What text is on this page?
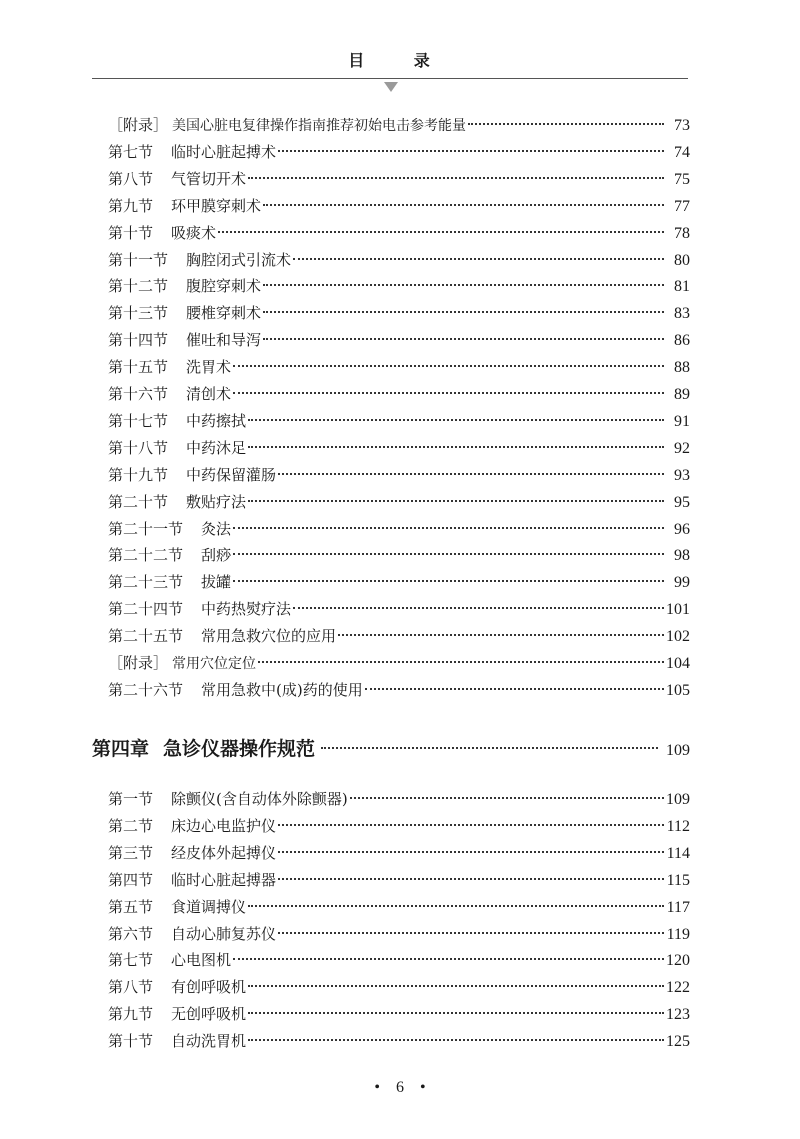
目 录
［附录］ 美国心脏电复律操作指南推荐初始电击参考能量	73
第七节 临时心脏起搏术	74
第八节 气管切开术	75
第九节 环甲膜穿刺术	77
第十节 吸痰术	78
第十一节 胸腔闭式引流术	80
第十二节 腹腔穿刺术	81
第十三节 腰椎穿刺术	83
第十四节 催吐和导泻	86
第十五节 洗胃术	88
第十六节 清创术	89
第十七节 中药擦拭	91
第十八节 中药沐足	92
第十九节 中药保留灌肠	93
第二十节 敷贴疗法	95
第二十一节 灸法	96
第二十二节 刮痧	98
第二十三节 拔罐	99
第二十四节 中药热熨疗法	101
第二十五节 常用急救穴位的应用	102
［附录］ 常用穴位定位	104
第二十六节 常用急救中(成)药的使用	105
第四章 急诊仪器操作规范	109
第一节 除颤仪(含自动体外除颤器)	109
第二节 床边心电监护仪	112
第三节 经皮体外起搏仪	114
第四节 临时心脏起搏器	115
第五节 食道调搏仪	117
第六节 自动心肺复苏仪	119
第七节 心电图机	120
第八节 有创呼吸机	122
第九节 无创呼吸机	123
第十节 自动洗胃机	125
•　6　•
